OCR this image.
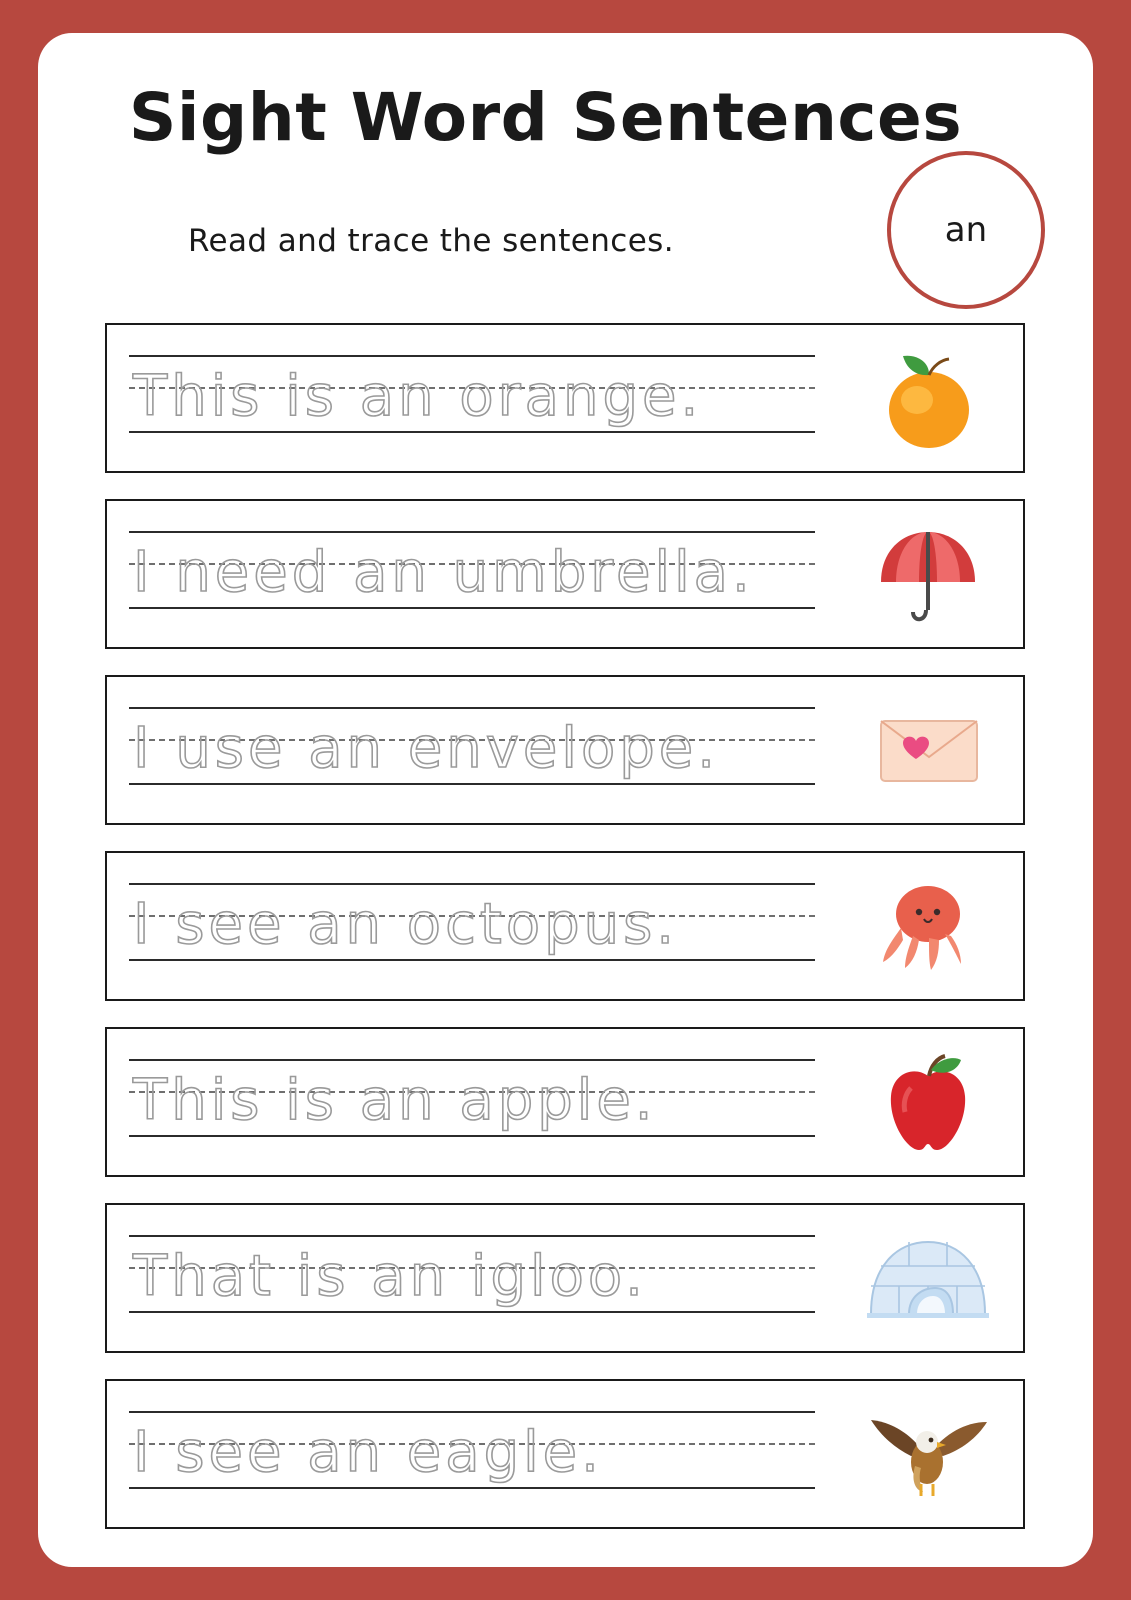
Sight Word Sentences
Read and trace the sentences.	an
This is an orange.
I need an umbrella.
I use an envelope.
I see an octopus.
This is an apple.
That is an igloo.
I see an eagle.
